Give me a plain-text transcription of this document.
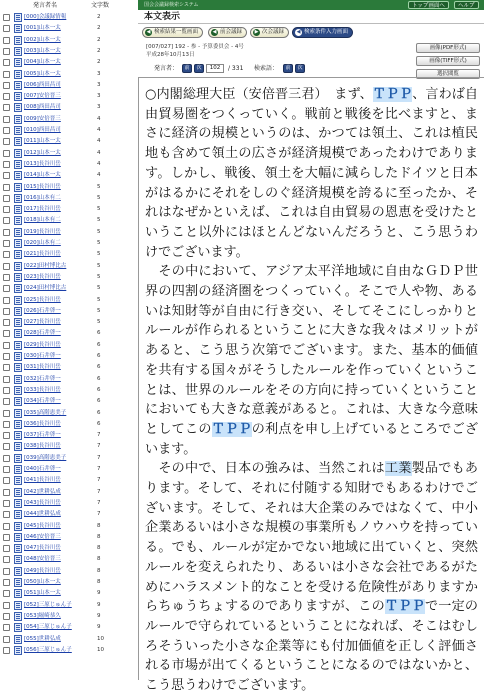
発言者名	文字数
[000]会議録情報	2
[001]山本一太	2
[002]山本一太	2
[003]山本一太	2
[004]山本一太	2
[005]山本一太	3
[006]西田昌司	3
[007]安倍晋三	3
[008]西田昌司	3
[009]安倍晋三	4
[010]西田昌司	4
[011]山本一太	4
[012]山本一太	4
[013]長谷川岳	4
[014]山本一太	4
[015]長谷川岳	5
[016]山本有二	5
[017]長谷川岳	5
[018]山本有二	5
[019]長谷川岳	5
[020]山本有二	5
[021]長谷川岳	5
[022]田村博比古	5
[023]長谷川岳	5
[024]田村博比古	5
[025]長谷川岳	5
[026]石井啓一	5
[027]長谷川岳	5
[028]石井啓一	6
[029]長谷川岳	6
[030]石井啓一	6
[031]長谷川岳	6
[032]石井啓一	6
[033]長谷川岳	6
[034]石井啓一	6
[035]高階恵美子	6
[036]長谷川岳	6
[037]石井啓一	7
[038]長谷川岳	7
[039]高階恵美子	7
[040]石井啓一	7
[041]長谷川岳	7
[042]世耕弘成	7
[043]長谷川岳	7
[044]世耕弘成	7
[045]長谷川岳	8
[046]安倍晋三	8
[047]長谷川岳	8
[048]安倍晋三	8
[049]長谷川岳	8
[050]山本一太	8
[051]山本一太	9
[052]三原じゅん子	9
[053]堀崎恭久	9
[054]三原じゅん子	9
[055]世耕弘成	10
[056]三原じゅん子	10
国会会議録検索システム	トップ画面へ	ヘルプ
本文表示
◀ 検索結果一覧画面	◀ 前会議録	▶ 次会議録	◀ 検索条件入力画面
[007/027] 192 - 参 - 予算委員会 - 4号
平成28年10月13日
画像(PDF形式)
画像(TIFF形式)
選択閲覧
発言者：	前	次	102	/ 331 検索語：	前	次

○内閣総理大臣（安倍晋三君）　まず、ＴＰＰ、言わば自由貿易圏をつくっていく。戦前と戦後を比べますと、まさに経済の規模というのは、かつては領土、これは植民地も含めて領土の広さが経済規模であったわけであります。しかし、戦後、領土を大幅に減らしたドイツと日本がはるかにそれをしのぐ経済規模を誇るに至ったか、それはなぜかといえば、これは自由貿易の恩恵を受けたということ以外にはほとんどないんだろうと、こう思うわけでございます。

　その中において、アジア太平洋地域に自由なＧＤＰ世界の四割の経済圏をつくっていく。そこで人や物、あるいは知財等が自由に行き交い、そしてそこにしっかりとルールが作られるということに大きな我々はメリットがあると、こう思う次第でございます。また、基本的価値を共有する国々がそうしたルールを作っていくということは、世界のルールをその方向に持っていくということにおいても大きな意義があると。これは、大きな今意味としてこのＴＰＰの利点を申し上げているところでございます。

　その中で、日本の強みは、当然これは工業製品でもあります。そして、それに付随する知財でもあるわけでございます。そして、それは大企業のみではなくて、中小企業あるいは小さな規模の事業所もノウハウを持っている。でも、ルールが定かでない地域に出ていくと、突然ルールを変えられたり、あるいは小さな会社であるがためにハラスメント的なことを受ける危険性がありますからちゅうちょするのでありますが、このＴＰＰで一定のルールで守られているということになれば、そこはむしろそういった小さな企業等にも付加価値を正しく評価される市場が出てくるということになるのではないかと、こう思うわけでございます。
